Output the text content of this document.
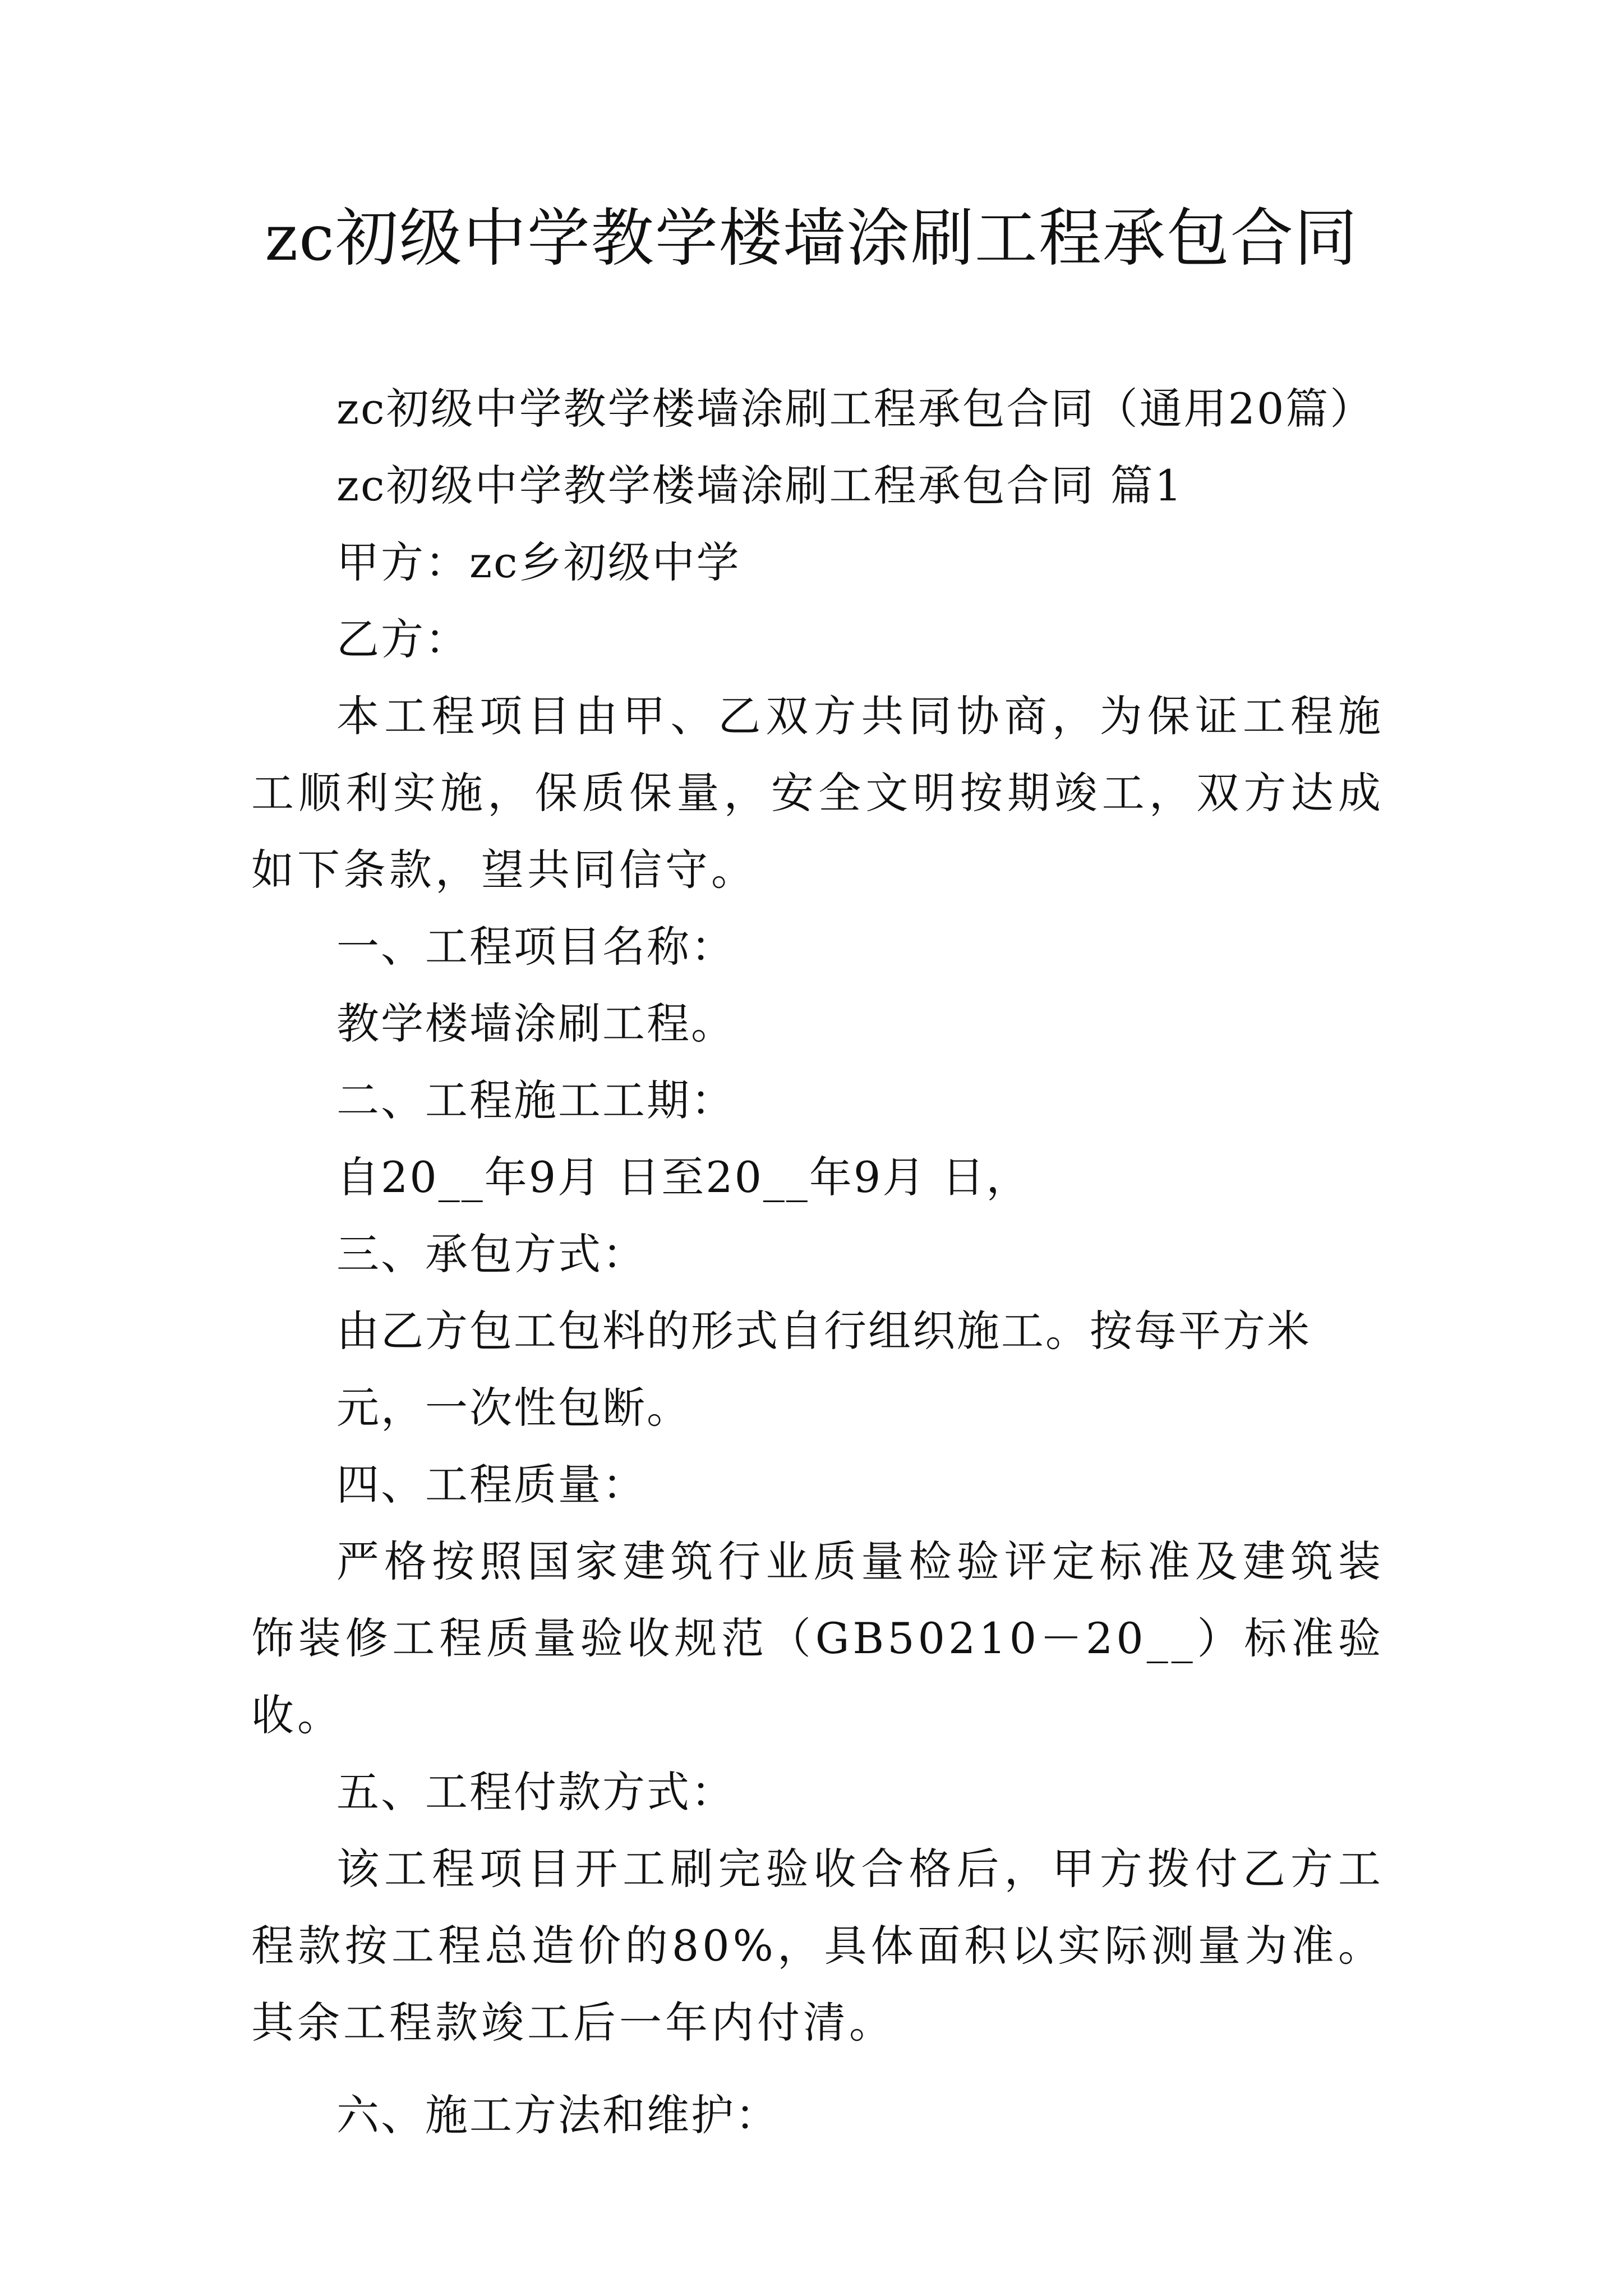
zc初级中学教学楼墙涂刷工程承包合同

zc初级中学教学楼墙涂刷工程承包合同（通用20篇）

zc初级中学教学楼墙涂刷工程承包合同 篇1

甲方：zc乡初级中学

乙方：

本工程项目由甲、乙双方共同协商，为保证工程施工顺利实施，保质保量，安全文明按期竣工，双方达成如下条款，望共同信守。

一、工程项目名称：

教学楼墙涂刷工程。

二、工程施工工期：

自20__年9月 日至20__年9月 日，

三、承包方式：

由乙方包工包料的形式自行组织施工。按每平方米

元，一次性包断。

四、工程质量：

严格按照国家建筑行业质量检验评定标准及建筑装饰装修工程质量验收规范（GB50210－20__）标准验收。

五、工程付款方式：

该工程项目开工刷完验收合格后，甲方拨付乙方工程款按工程总造价的80%，具体面积以实际测量为准。其余工程款竣工后一年内付清。

六、施工方法和维护：
